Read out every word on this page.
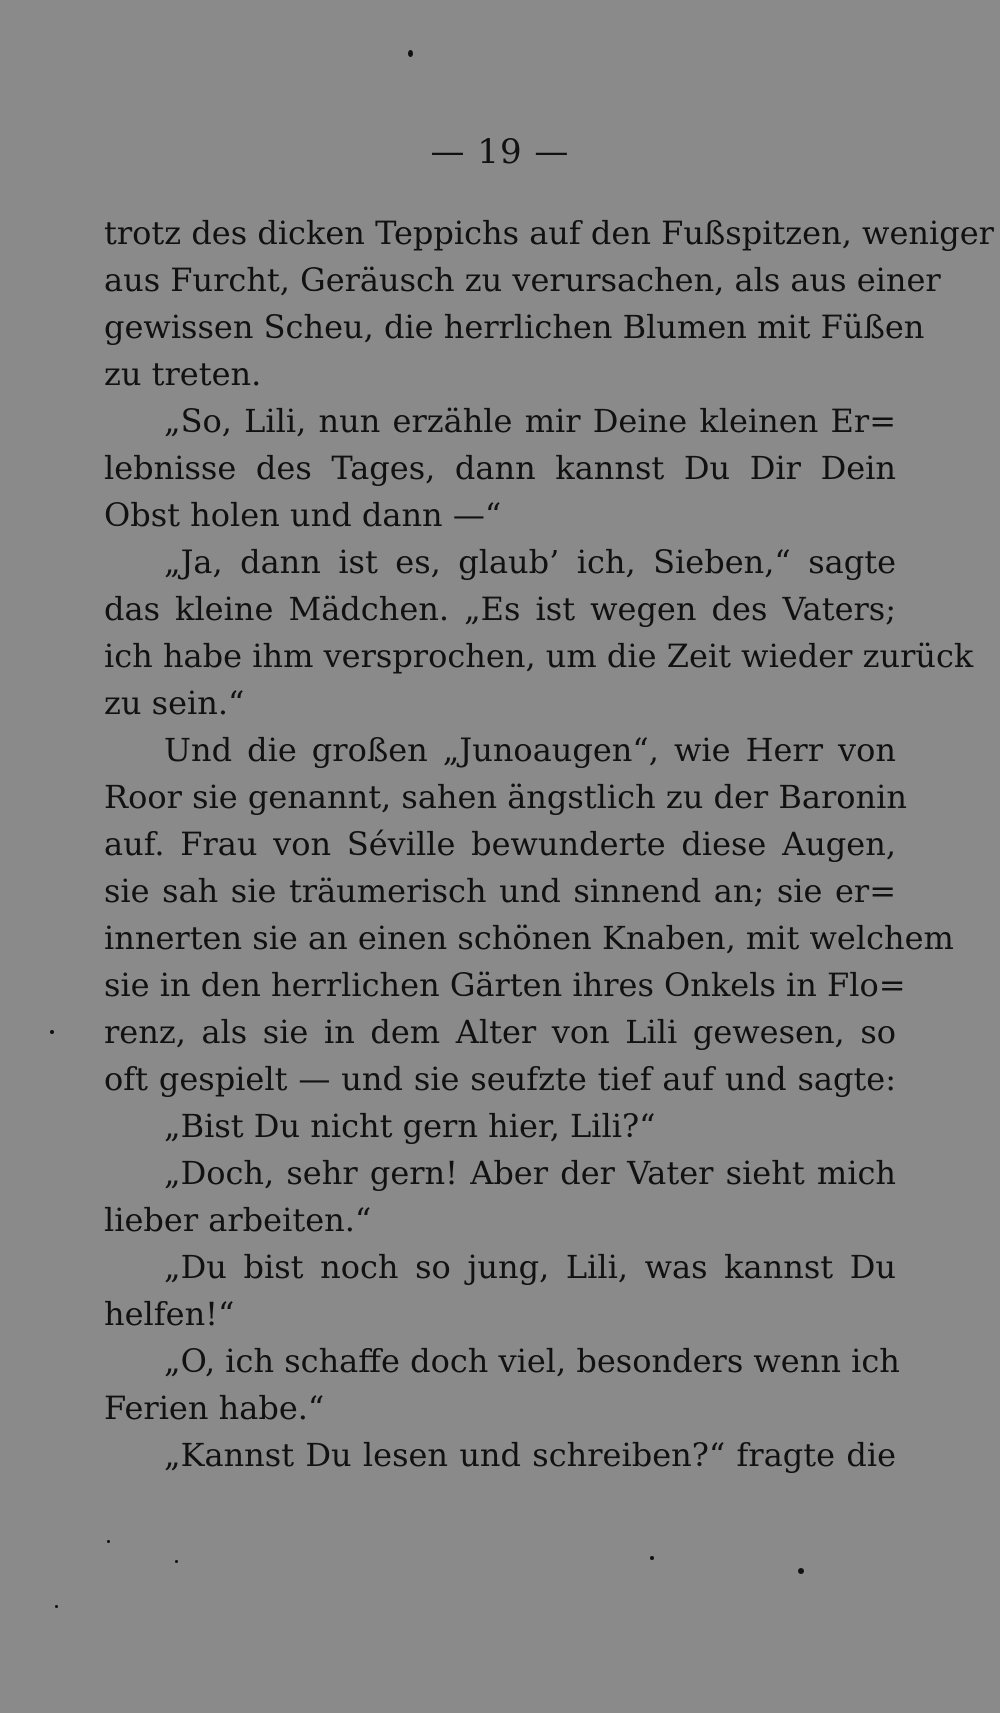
— 19 —
trotz des dicken Teppichs auf den Fußspitzen, weniger
aus Furcht, Geräusch zu verursachen, als aus einer
gewissen Scheu, die herrlichen Blumen mit Füßen
zu treten.
„So, Lili, nun erzähle mir Deine kleinen Er=
lebnisse des Tages, dann kannst Du Dir Dein
Obst holen und dann —“
„Ja, dann ist es, glaub’ ich, Sieben,“ sagte
das kleine Mädchen. „Es ist wegen des Vaters;
ich habe ihm versprochen, um die Zeit wieder zurück
zu sein.“
Und die großen „Junoaugen“, wie Herr von
Roor sie genannt, sahen ängstlich zu der Baronin
auf. Frau von Séville bewunderte diese Augen,
sie sah sie träumerisch und sinnend an; sie er=
innerten sie an einen schönen Knaben, mit welchem
sie in den herrlichen Gärten ihres Onkels in Flo=
renz, als sie in dem Alter von Lili gewesen, so
oft gespielt — und sie seufzte tief auf und sagte:
„Bist Du nicht gern hier, Lili?“
„Doch, sehr gern! Aber der Vater sieht mich
lieber arbeiten.“
„Du bist noch so jung, Lili, was kannst Du
helfen!“
„O, ich schaffe doch viel, besonders wenn ich
Ferien habe.“
„Kannst Du lesen und schreiben?“ fragte die
